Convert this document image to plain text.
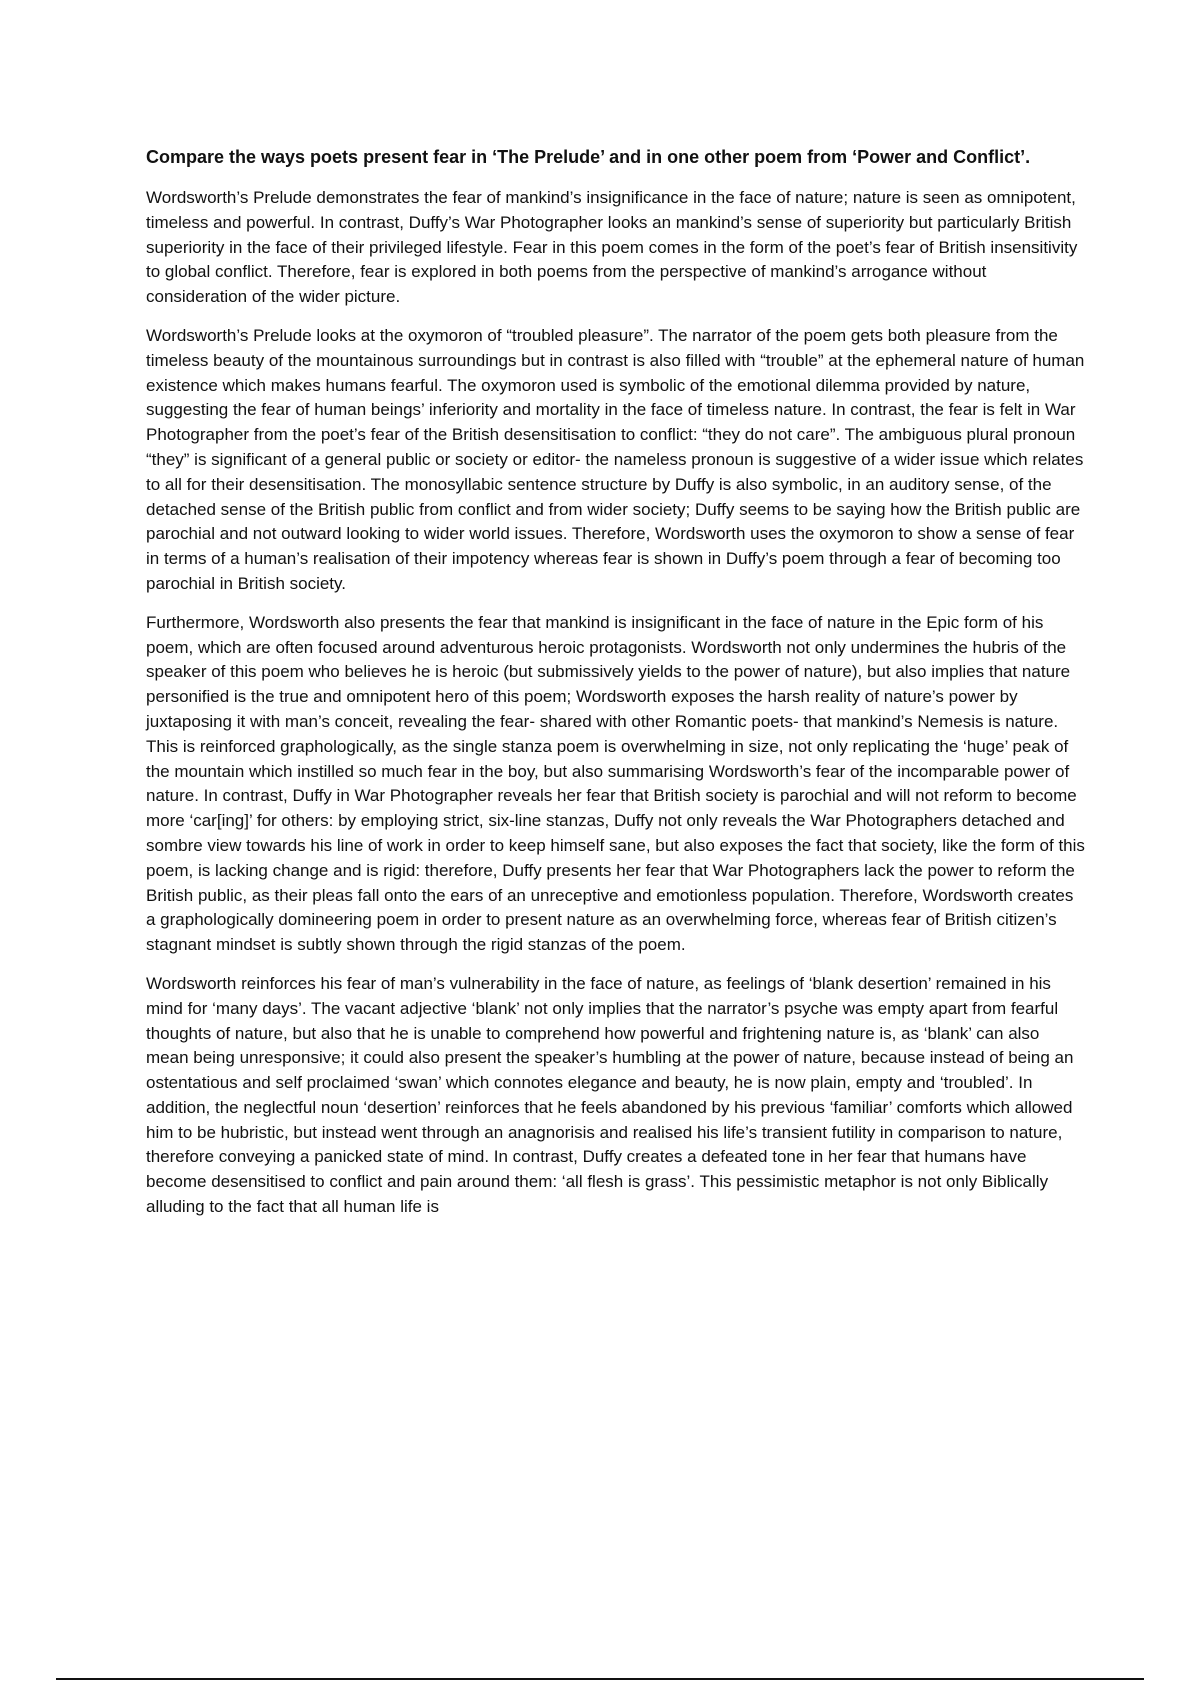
Compare the ways poets present fear in ‘The Prelude’ and in one other poem from ‘Power and Conflict’.

Wordsworth’s Prelude demonstrates the fear of mankind’s insignificance in the face of nature; nature is seen as omnipotent, timeless and powerful. In contrast, Duffy’s War Photographer looks an mankind’s sense of superiority but particularly British superiority in the face of their privileged lifestyle. Fear in this poem comes in the form of the poet’s fear of British insensitivity to global conflict. Therefore, fear is explored in both poems from the perspective of mankind’s arrogance without consideration of the wider picture.

Wordsworth’s Prelude looks at the oxymoron of “troubled pleasure”. The narrator of the poem gets both pleasure from the timeless beauty of the mountainous surroundings but in contrast is also filled with “trouble” at the ephemeral nature of human existence which makes humans fearful. The oxymoron used is symbolic of the emotional dilemma provided by nature, suggesting the fear of human beings’ inferiority and mortality in the face of timeless nature. In contrast, the fear is felt in War Photographer from the poet’s fear of the British desensitisation to conflict: “they do not care”. The ambiguous plural pronoun “they” is significant of a general public or society or editor- the nameless pronoun is suggestive of a wider issue which relates to all for their desensitisation. The monosyllabic sentence structure by Duffy is also symbolic, in an auditory sense, of the detached sense of the British public from conflict and from wider society; Duffy seems to be saying how the British public are parochial and not outward looking to wider world issues. Therefore, Wordsworth uses the oxymoron to show a sense of fear in terms of a human’s realisation of their impotency whereas fear is shown in Duffy’s poem through a fear of becoming too parochial in British society.

Furthermore, Wordsworth also presents the fear that mankind is insignificant in the face of nature in the Epic form of his poem, which are often focused around adventurous heroic protagonists. Wordsworth not only undermines the hubris of the speaker of this poem who believes he is heroic (but submissively yields to the power of nature), but also implies that nature personified is the true and omnipotent hero of this poem; Wordsworth exposes the harsh reality of nature’s power by juxtaposing it with man’s conceit, revealing the fear- shared with other Romantic poets- that mankind’s Nemesis is nature. This is reinforced graphologically, as the single stanza poem is overwhelming in size, not only replicating the ‘huge’ peak of the mountain which instilled so much fear in the boy, but also summarising Wordsworth’s fear of the incomparable power of nature. In contrast, Duffy in War Photographer reveals her fear that British society is parochial and will not reform to become more ‘car[ing]’ for others: by employing strict, six-line stanzas, Duffy not only reveals the War Photographers detached and sombre view towards his line of work in order to keep himself sane, but also exposes the fact that society, like the form of this poem, is lacking change and is rigid: therefore, Duffy presents her fear that War Photographers lack the power to reform the British public, as their pleas fall onto the ears of an unreceptive and emotionless population. Therefore, Wordsworth creates a graphologically domineering poem in order to present nature as an overwhelming force, whereas fear of British citizen’s stagnant mindset is subtly shown through the rigid stanzas of the poem.

Wordsworth reinforces his fear of man’s vulnerability in the face of nature, as feelings of ‘blank desertion’ remained in his mind for ‘many days’. The vacant adjective ‘blank’ not only implies that the narrator’s psyche was empty apart from fearful thoughts of nature, but also that he is unable to comprehend how powerful and frightening nature is, as ‘blank’ can also mean being unresponsive; it could also present the speaker’s humbling at the power of nature, because instead of being an ostentatious and self proclaimed ‘swan’ which connotes elegance and beauty, he is now plain, empty and ‘troubled’. In addition, the neglectful noun ‘desertion’ reinforces that he feels abandoned by his previous ‘familiar’ comforts which allowed him to be hubristic, but instead went through an anagnorisis and realised his life’s transient futility in comparison to nature, therefore conveying a panicked state of mind. In contrast, Duffy creates a defeated tone in her fear that humans have become desensitised to conflict and pain around them: ‘all flesh is grass’. This pessimistic metaphor is not only Biblically alluding to the fact that all human life is
